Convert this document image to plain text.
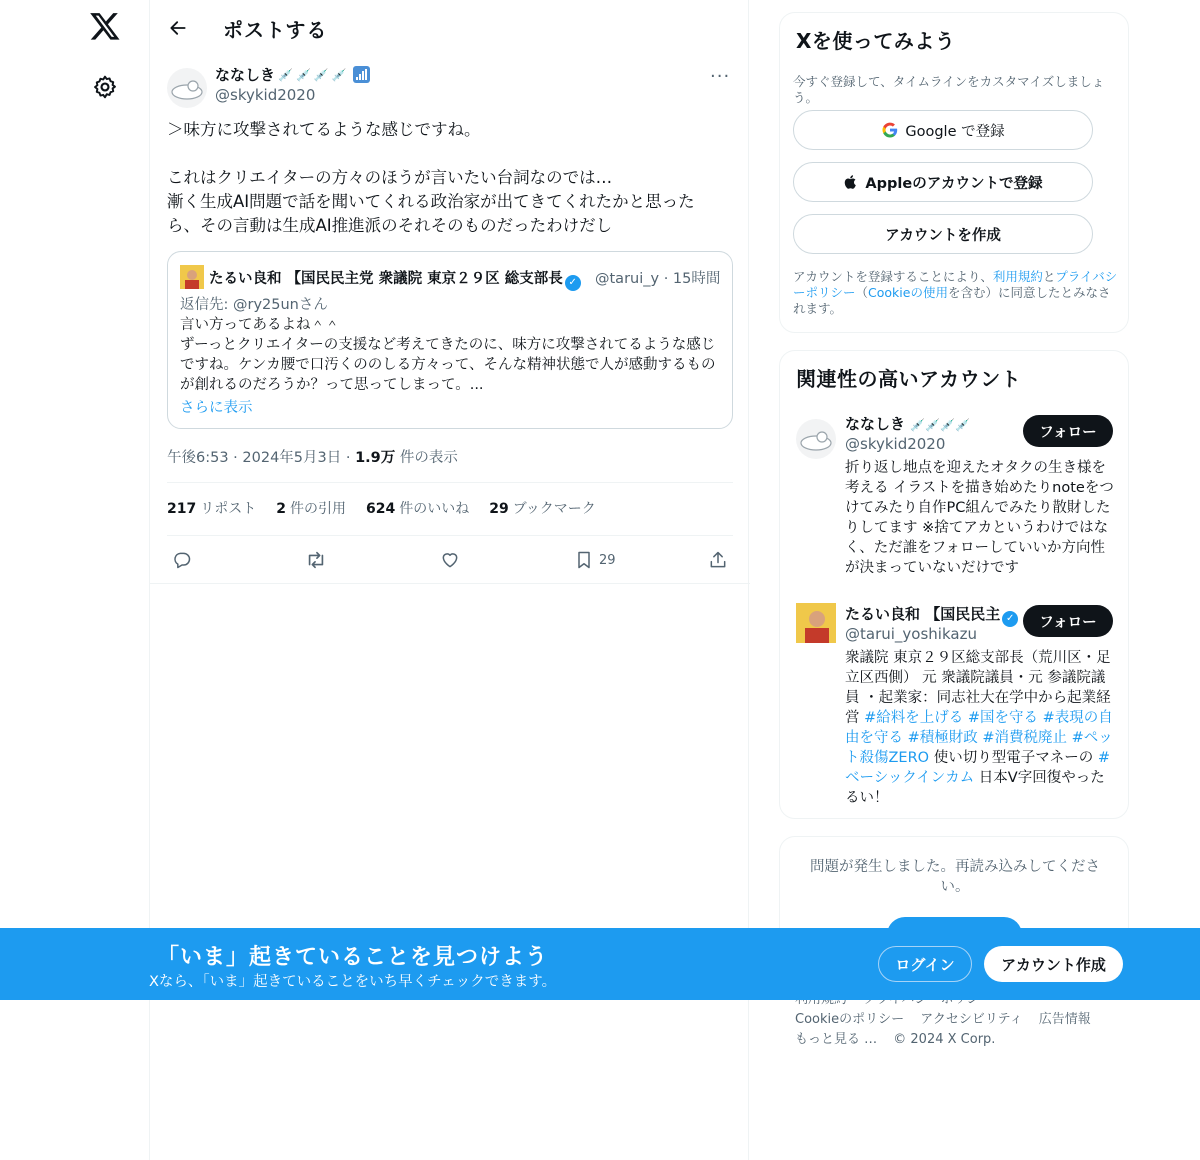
ポストする
ななしき 💉 💉 💉 💉
@skykid2020
···
＞味方に攻撃されてるような感じですね。

これはクリエイターの方々のほうが言いたい台詞なのでは…
漸く生成AI問題で話を聞いてくれる政治家が出てきてくれたかと思ったら、その言動は生成AI推進派のそれそのものだったわけだし
たるい良和 【国民民主党 衆議院 東京２９区 総支部長 ✓ @tarui_y · 15時間
返信先: @ry25unさん
言い方ってあるよね＾＾
ずーっとクリエイターの支援など考えてきたのに、味方に攻撃されてるような感じですね。ケンカ腰で口汚くののしる方々って、そんな精神状態で人が感動するものが創れるのだろうか？って思ってしまって。...
さらに表示
午後6:53 · 2024年5月3日 · 1.9万 件の表示
217 リポスト 2 件の引用 624 件のいいね 29 ブックマーク
29
Xを使ってみよう
今すぐ登録して、タイムラインをカスタマイズしましょう。
Google で登録
Appleのアカウントで登録
アカウントを作成
アカウントを登録することにより、利用規約とプライバシーポリシー（Cookieの使用を含む）に同意したとみなされます。
関連性の高いアカウント
ななしき 💉💉💉💉
@skykid2020
フォロー
折り返し地点を迎えたオタクの生き様を考える イラストを描き始めたりnoteをつけてみたり自作PC組んでみたり散財したりしてます ※捨てアカというわけではなく、ただ誰をフォローしていいか方向性が決まっていないだけです
たるい良和 【国民民主 ✓
@tarui_yoshikazu
フォロー
衆議院 東京２９区総支部長（荒川区・足立区西側） 元 衆議院議員・元 参議院議員 ・起業家：同志社大在学中から起業経営 #給料を上げる #国を守る #表現の自由を守る #積極財政 #消費税廃止 #ペット殺傷ZERO 使い切り型電子マネーの #ベーシックインカム 日本V字回復やったるい！
問題が発生しました。再読み込みしてください。
Cookieのポリシー アクセシビリティ 広告情報
もっと見る … © 2024 X Corp.
「いま」起きていることを見つけよう
Xなら、「いま」起きていることをいち早くチェックできます。
ログイン	アカウント作成
